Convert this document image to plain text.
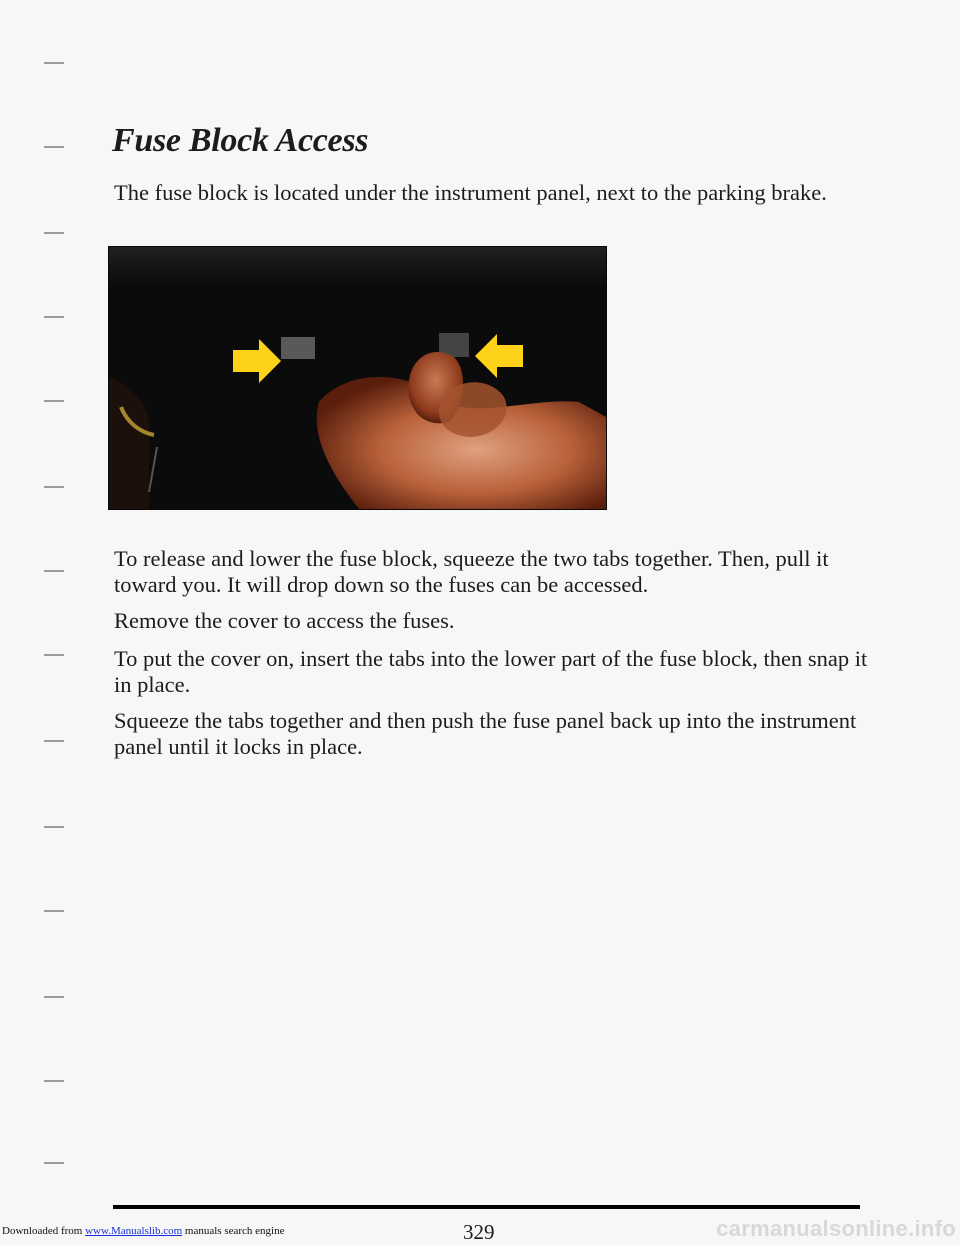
Fuse Block Access

The fuse block is located under the instrument panel, next to the parking brake.

To release and lower the fuse block, squeeze the two tabs together. Then, pull it toward you. It will drop down so the fuses can be accessed.

Remove the cover to access the fuses.

To put the cover on, insert the tabs into the lower part of the fuse block, then snap it in place.

Squeeze the tabs together and then push the fuse panel back up into the instrument panel until it locks in place.

329

Downloaded from www.Manualslib.com manuals search engine	carmanualsonline.info
